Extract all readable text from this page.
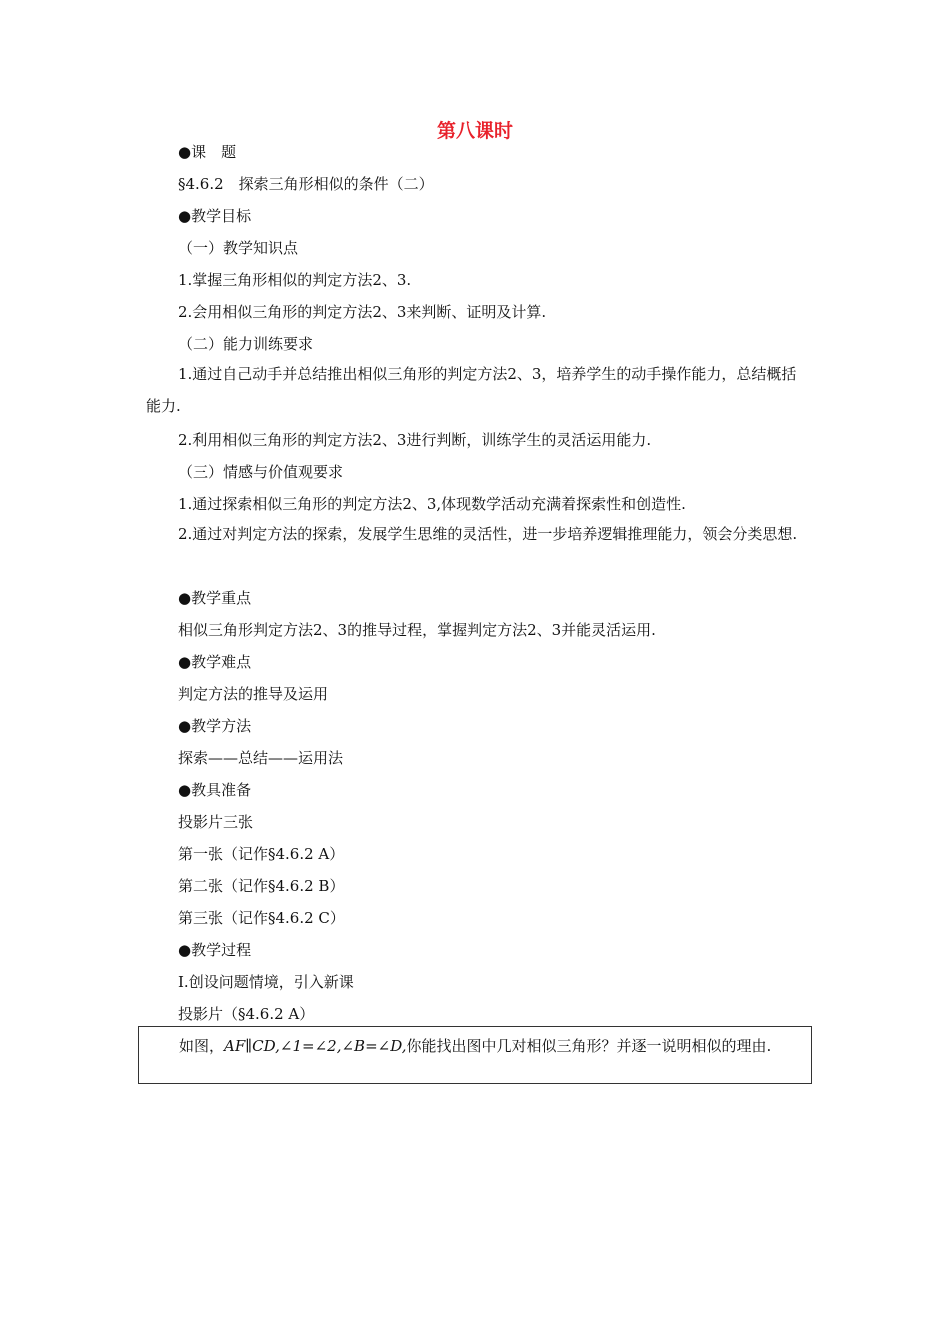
第八课时
●课　题
§4.6.2　探索三角形相似的条件（二）
●教学目标
（一）教学知识点
1.掌握三角形相似的判定方法2、3.
2.会用相似三角形的判定方法2、3来判断、证明及计算.
（二）能力训练要求
1.通过自己动手并总结推出相似三角形的判定方法2、3，培养学生的动手操作能力，总结概括能力.
2.利用相似三角形的判定方法2、3进行判断，训练学生的灵活运用能力.
（三）情感与价值观要求
1.通过探索相似三角形的判定方法2、3,体现数学活动充满着探索性和创造性.
2.通过对判定方法的探索，发展学生思维的灵活性，进一步培养逻辑推理能力，领会分类思想.
●教学重点
相似三角形判定方法2、3的推导过程，掌握判定方法2、3并能灵活运用.
●教学难点
判定方法的推导及运用
●教学方法
探索——总结——运用法
●教具准备
投影片三张
第一张（记作§4.6.2 A）
第二张（记作§4.6.2 B）
第三张（记作§4.6.2 C）
●教学过程
Ⅰ.创设问题情境，引入新课
投影片（§4.6.2 A）
如图，AF∥CD,∠1=∠2,∠B=∠D,你能找出图中几对相似三角形？并逐一说明相似的理由.
